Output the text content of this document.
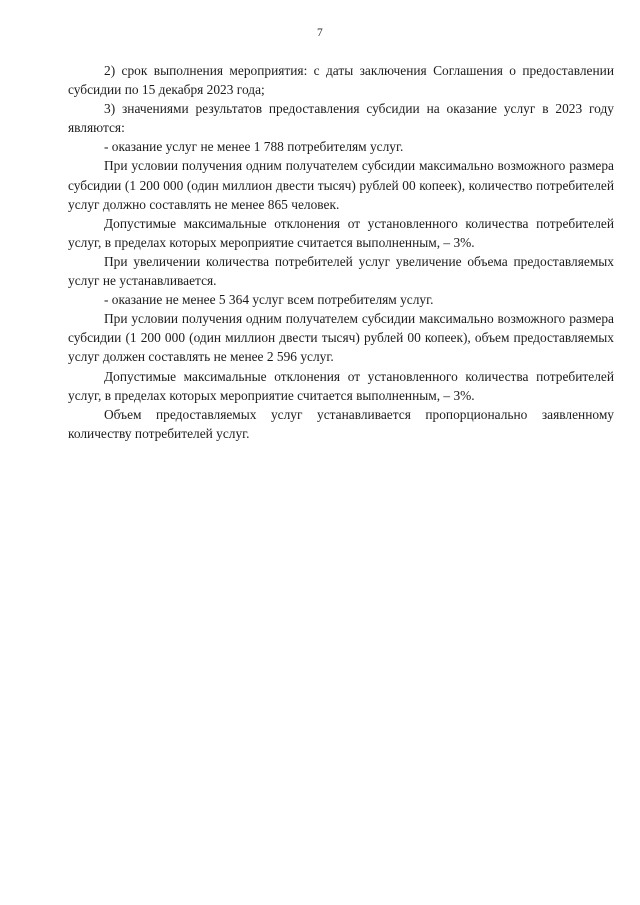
7

2) срок выполнения мероприятия: с даты заключения Соглашения о предоставлении субсидии по 15 декабря 2023 года;

3) значениями результатов предоставления субсидии на оказание услуг в 2023 году являются:

- оказание услуг не менее 1 788 потребителям услуг.

При условии получения одним получателем субсидии максимально возможного размера субсидии (1 200 000 (один миллион двести тысяч) рублей 00 копеек), количество потребителей услуг должно составлять не менее 865 человек.

Допустимые максимальные отклонения от установленного количества потребителей услуг, в пределах которых мероприятие считается выполненным, – 3%.

При увеличении количества потребителей услуг увеличение объема предоставляемых услуг не устанавливается.

- оказание не менее 5 364 услуг всем потребителям услуг.

При условии получения одним получателем субсидии максимально возможного размера субсидии (1 200 000 (один миллион двести тысяч) рублей 00 копеек), объем предоставляемых услуг должен составлять не менее 2 596 услуг.

Допустимые максимальные отклонения от установленного количества потребителей услуг, в пределах которых мероприятие считается выполненным, – 3%.

Объем предоставляемых услуг устанавливается пропорционально заявленному количеству потребителей услуг.
